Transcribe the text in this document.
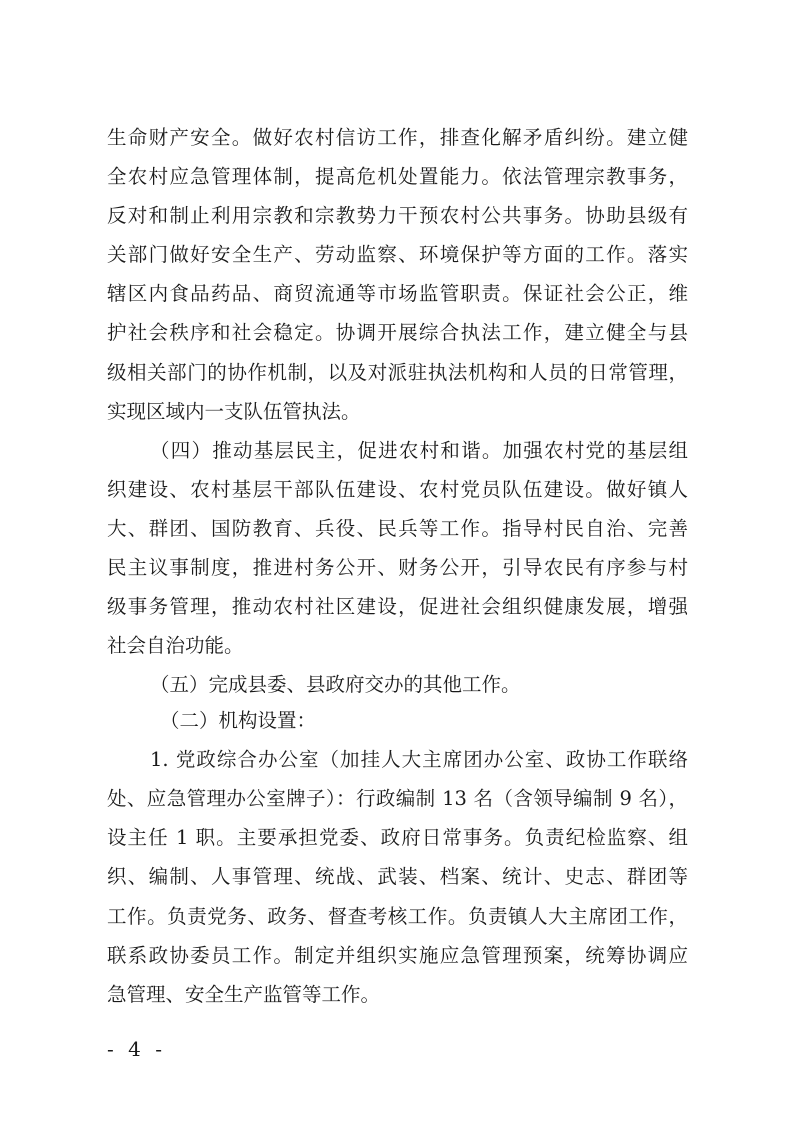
生命财产安全。做好农村信访工作，排查化解矛盾纠纷。建立健
全农村应急管理体制，提高危机处置能力。依法管理宗教事务，
反对和制止利用宗教和宗教势力干预农村公共事务。协助县级有
关部门做好安全生产、劳动监察、环境保护等方面的工作。落实
辖区内食品药品、商贸流通等市场监管职责。保证社会公正，维
护社会秩序和社会稳定。协调开展综合执法工作，建立健全与县
级相关部门的协作机制，以及对派驻执法机构和人员的日常管理，
实现区域内一支队伍管执法。
（四）推动基层民主，促进农村和谐。加强农村党的基层组
织建设、农村基层干部队伍建设、农村党员队伍建设。做好镇人
大、群团、国防教育、兵役、民兵等工作。指导村民自治、完善
民主议事制度，推进村务公开、财务公开，引导农民有序参与村
级事务管理，推动农村社区建设，促进社会组织健康发展，增强
社会自治功能。
（五）完成县委、县政府交办的其他工作。
（二）机构设置：
1. 党政综合办公室（加挂人大主席团办公室、政协工作联络
处、应急管理办公室牌子）：行政编制 13 名（含领导编制 9 名），
设主任 1 职。主要承担党委、政府日常事务。负责纪检监察、组
织、编制、人事管理、统战、武装、档案、统计、史志、群团等
工作。负责党务、政务、督查考核工作。负责镇人大主席团工作，
联系政协委员工作。制定并组织实施应急管理预案，统筹协调应
急管理、安全生产监管等工作。
- 4 -
